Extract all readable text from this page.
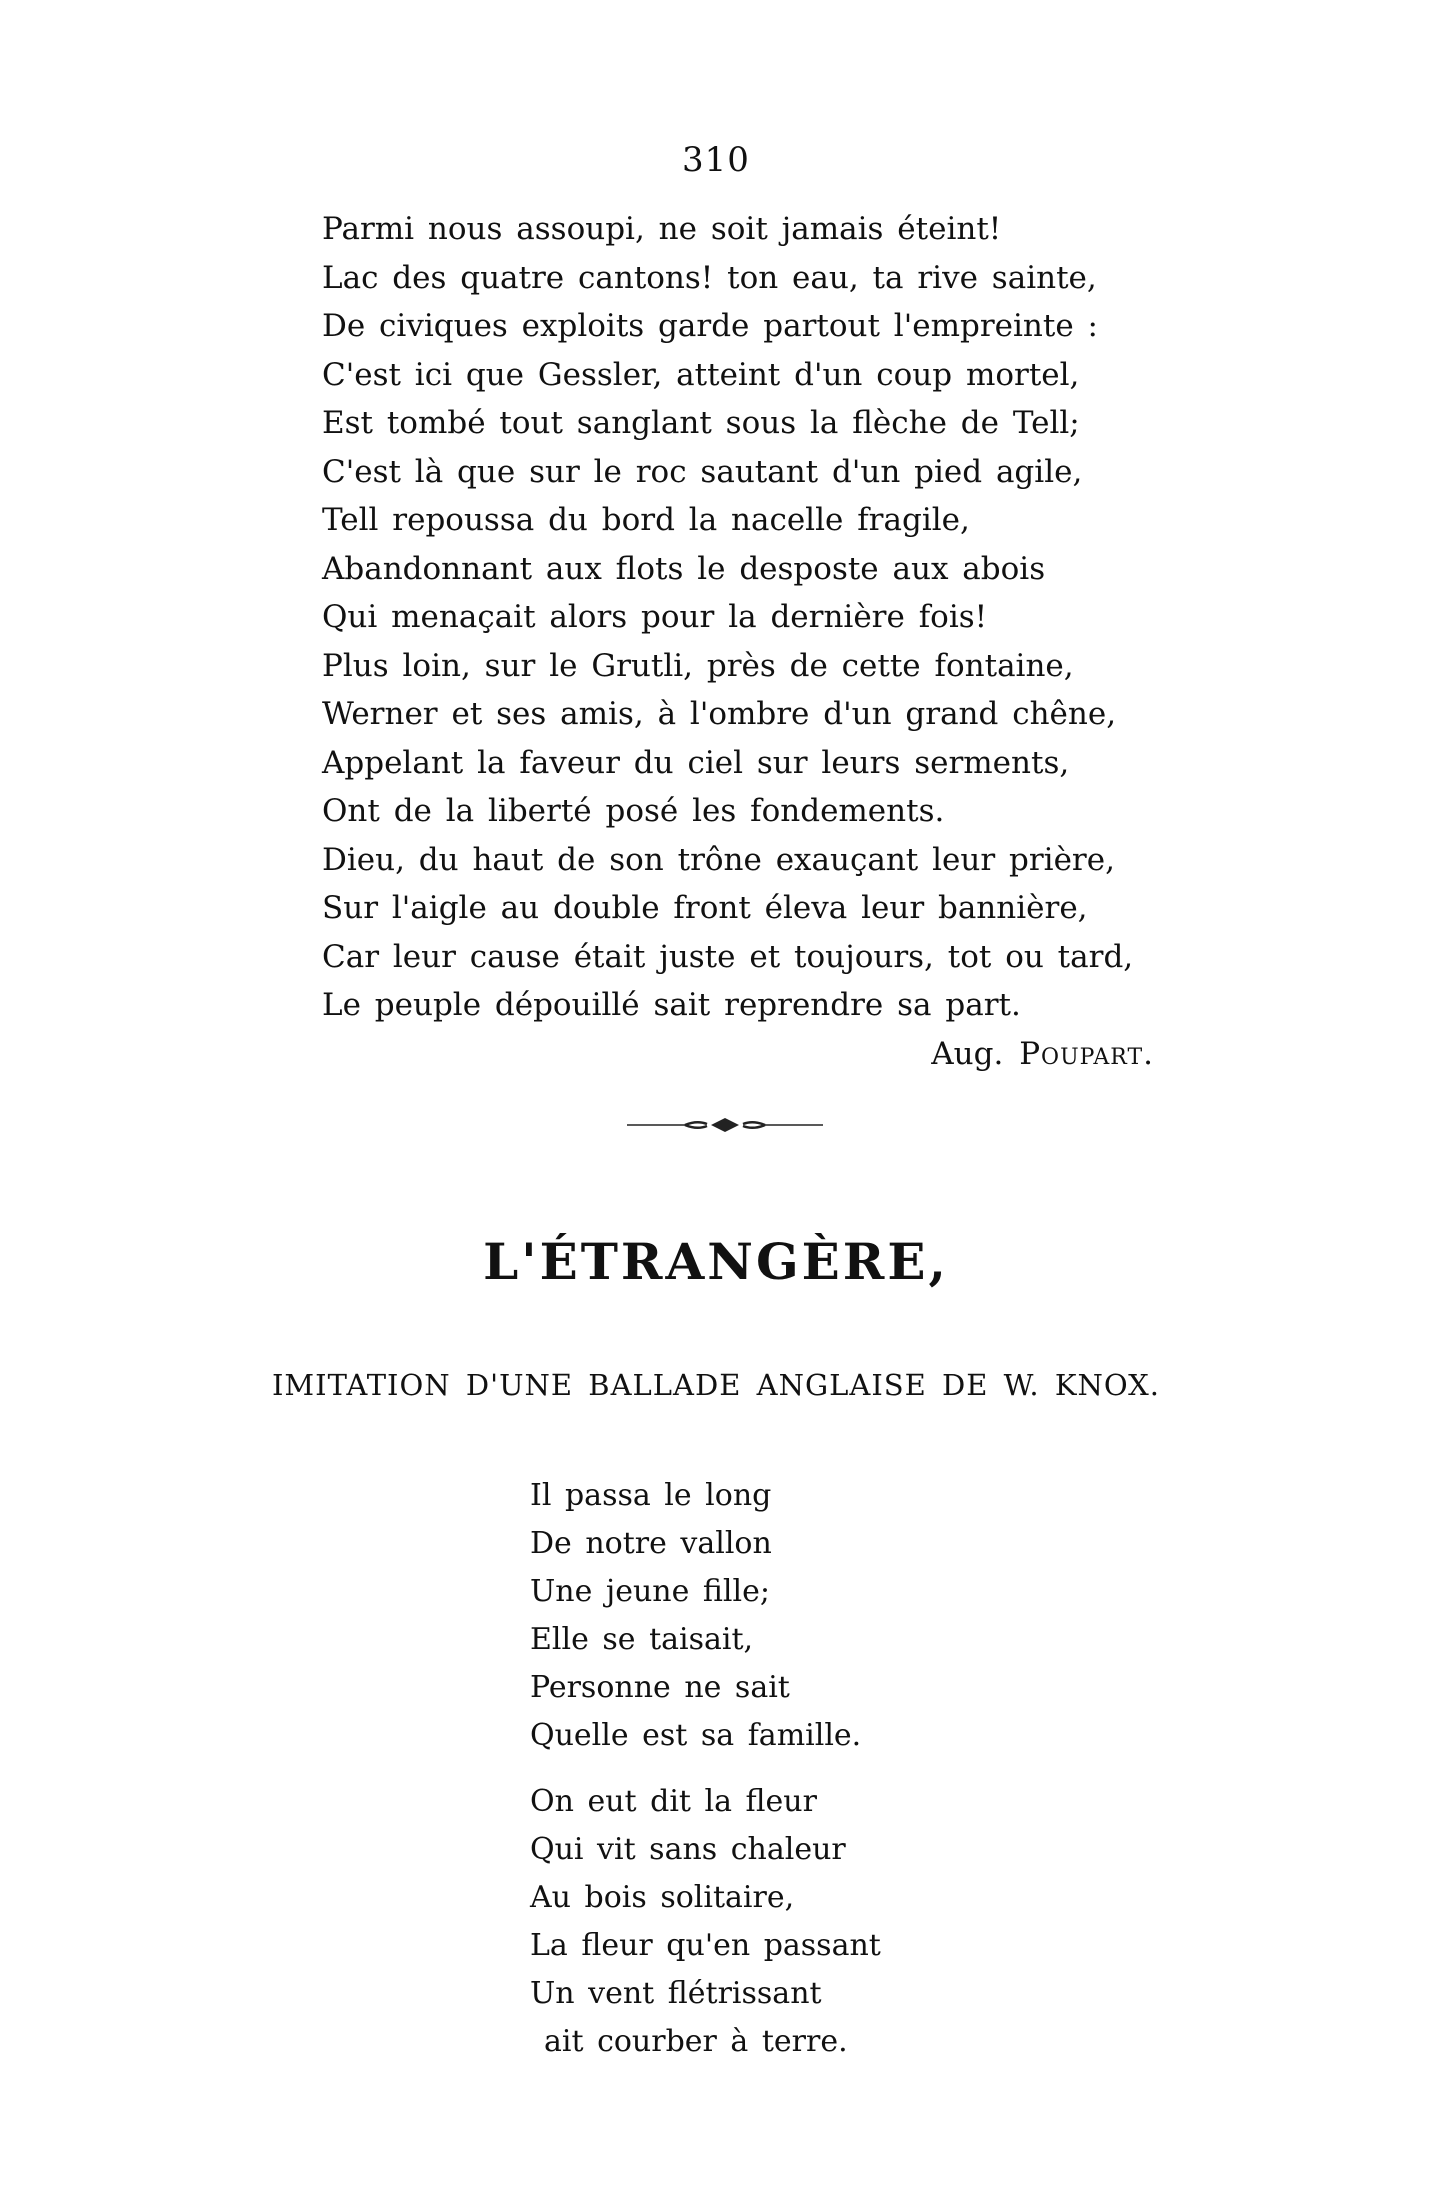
310
Parmi nous assoupi, ne soit jamais éteint!
Lac des quatre cantons! ton eau, ta rive sainte,
De civiques exploits garde partout l'empreinte :
C'est ici que Gessler, atteint d'un coup mortel,
Est tombé tout sanglant sous la flèche de Tell;
C'est là que sur le roc sautant d'un pied agile,
Tell repoussa du bord la nacelle fragile,
Abandonnant aux flots le desposte aux abois
Qui menaçait alors pour la dernière fois!
Plus loin, sur le Grutli, près de cette fontaine,
Werner et ses amis, à l'ombre d'un grand chêne,
Appelant la faveur du ciel sur leurs serments,
Ont de la liberté posé les fondements.
Dieu, du haut de son trône exauçant leur prière,
Sur l'aigle au double front éleva leur bannière,
Car leur cause était juste et toujours, tot ou tard,
Le peuple dépouillé sait reprendre sa part.
Aug. Poupart.
L'ÉTRANGÈRE,
IMITATION D'UNE BALLADE ANGLAISE DE W. KNOX.
Il passa le long
De notre vallon
Une jeune fille;
Elle se taisait,
Personne ne sait
Quelle est sa famille.
On eut dit la fleur
Qui vit sans chaleur
Au bois solitaire,
La fleur qu'en passant
Un vent flétrissant
ait courber à terre.
